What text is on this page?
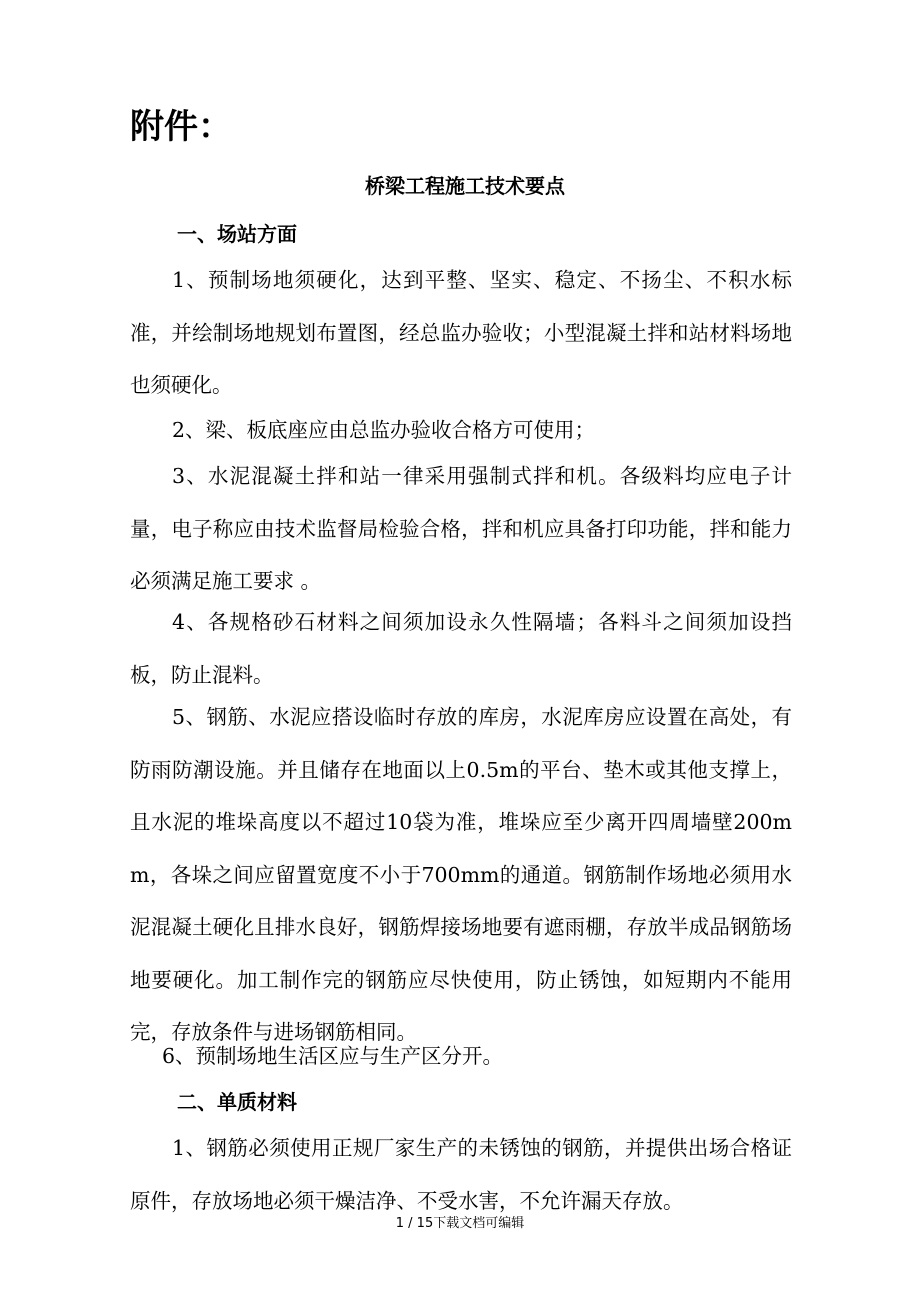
附件：
桥梁工程施工技术要点
一、场站方面

1、预制场地须硬化，达到平整、坚实、稳定、不扬尘、不积水标准，并绘制场地规划布置图，经总监办验收；小型混凝土拌和站材料场地也须硬化。

2、梁、板底座应由总监办验收合格方可使用；

3、水泥混凝土拌和站一律采用强制式拌和机。各级料均应电子计量，电子称应由技术监督局检验合格，拌和机应具备打印功能，拌和能力必须满足施工要求 。

4、各规格砂石材料之间须加设永久性隔墙；各料斗之间须加设挡板，防止混料。

5、钢筋、水泥应搭设临时存放的库房，水泥库房应设置在高处，有防雨防潮设施。并且储存在地面以上0.5m的平台、垫木或其他支撑上，且水泥的堆垛高度以不超过10袋为准，堆垛应至少离开四周墙壁200mm，各垛之间应留置宽度不小于700mm的通道。钢筋制作场地必须用水泥混凝土硬化且排水良好，钢筋焊接场地要有遮雨棚，存放半成品钢筋场地要硬化。加工制作完的钢筋应尽快使用，防止锈蚀，如短期内不能用完，存放条件与进场钢筋相同。

6、预制场地生活区应与生产区分开。

二、单质材料

1、钢筋必须使用正规厂家生产的未锈蚀的钢筋，并提供出场合格证原件，存放场地必须干燥洁净、不受水害，不允许漏天存放。

1 / 15下载文档可编辑
